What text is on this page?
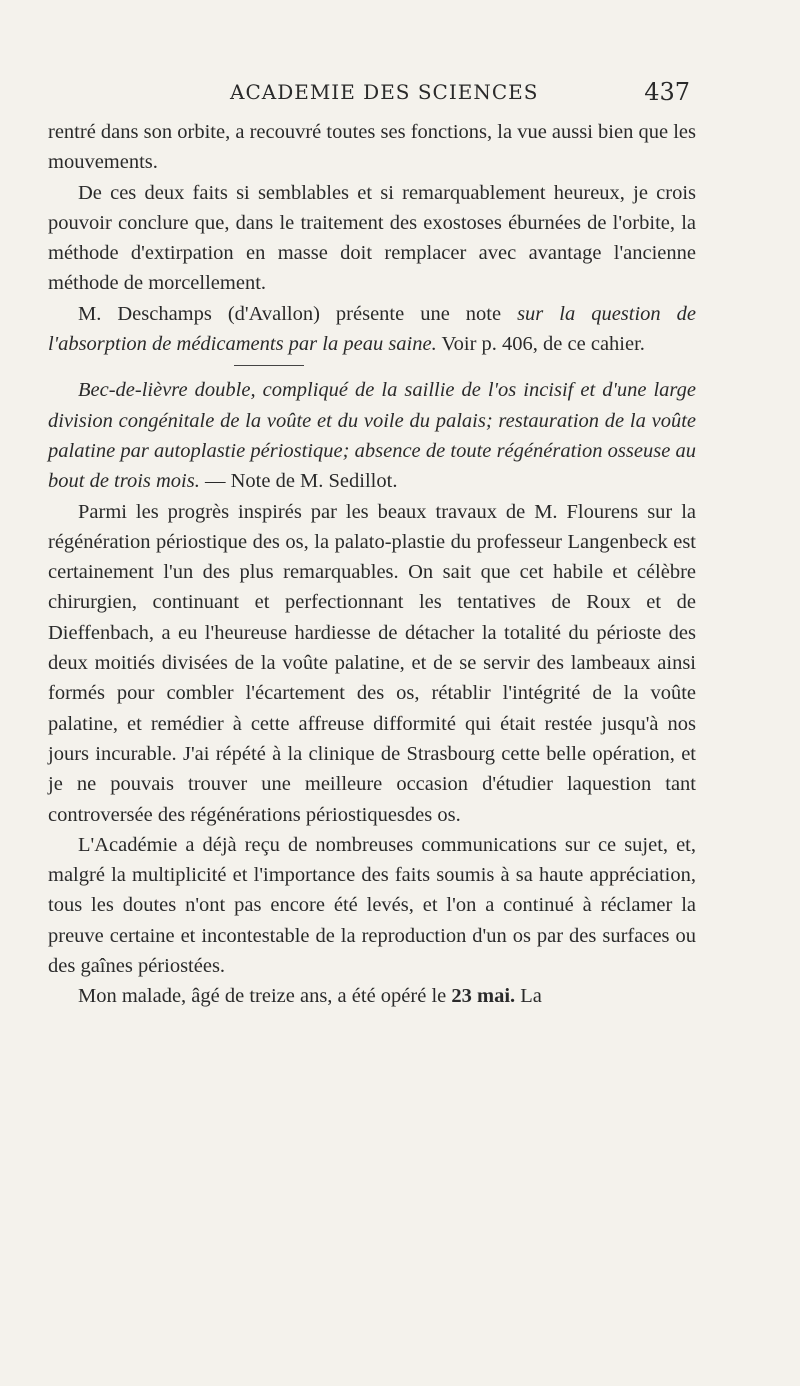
ACADEMIE DES SCIENCES	437

rentré dans son orbite, a recouvré toutes ses fonctions, la vue aussi bien que les mouvements.

De ces deux faits si semblables et si remarquablement heureux, je crois pouvoir conclure que, dans le traitement des exostoses éburnées de l'orbite, la méthode d'extirpation en masse doit remplacer avec avantage l'ancienne méthode de morcellement.

M. Deschamps (d'Avallon) présente une note sur la question de l'absorption de médicaments par la peau saine. Voir p. 406, de ce cahier.

Bec-de-lièvre double, compliqué de la saillie de l'os incisif et d'une large division congénitale de la voûte et du voile du palais; restauration de la voûte palatine par autoplastie périostique; absence de toute régénération osseuse au bout de trois mois. — Note de M. Sedillot.

Parmi les progrès inspirés par les beaux travaux de M. Flourens sur la régénération périostique des os, la palato-plastie du professeur Langenbeck est certainement l'un des plus remarquables. On sait que cet habile et célèbre chirurgien, continuant et perfectionnant les tentatives de Roux et de Dieffenbach, a eu l'heureuse hardiesse de détacher la totalité du périoste des deux moitiés divisées de la voûte palatine, et de se servir des lambeaux ainsi formés pour combler l'écartement des os, rétablir l'intégrité de la voûte palatine, et remédier à cette affreuse difformité qui était restée jusqu'à nos jours incurable. J'ai répété à la clinique de Strasbourg cette belle opération, et je ne pouvais trouver une meilleure occasion d'étudier laquestion tant controversée des régénérations périostiquesdes os.

L'Académie a déjà reçu de nombreuses communications sur ce sujet, et, malgré la multiplicité et l'importance des faits soumis à sa haute appréciation, tous les doutes n'ont pas encore été levés, et l'on a continué à réclamer la preuve certaine et incontestable de la reproduction d'un os par des surfaces ou des gaînes périostées.

Mon malade, âgé de treize ans, a été opéré le 23 mai. La
